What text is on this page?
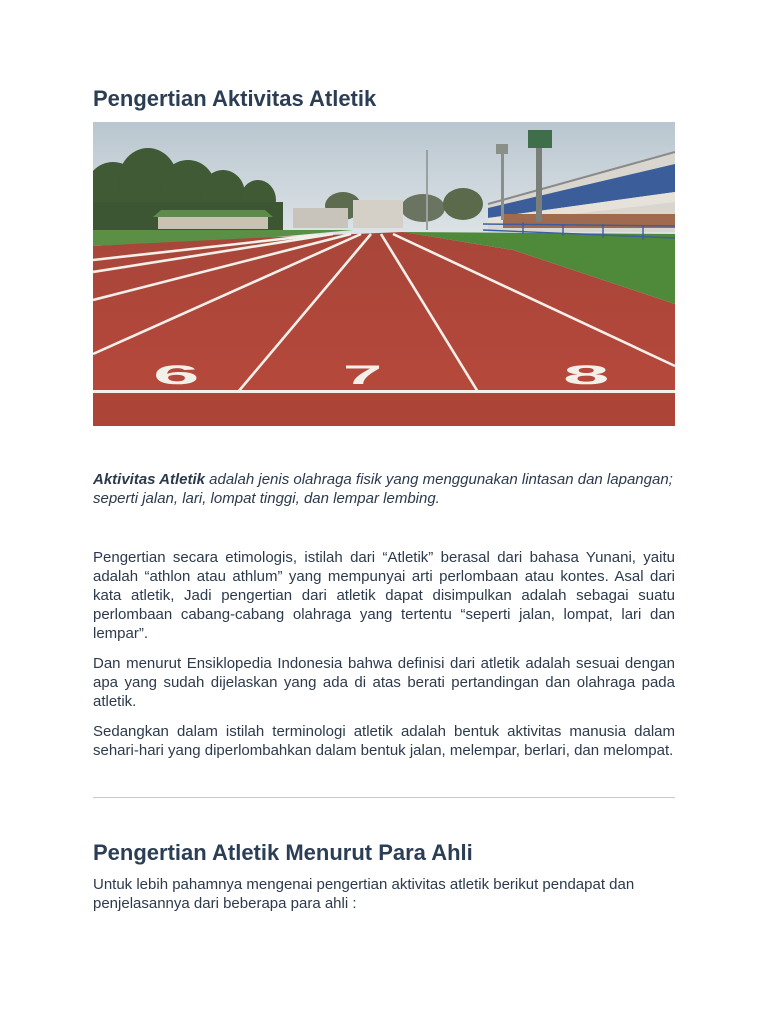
Pengertian Aktivitas Atletik
6	7	8

Aktivitas Atletik adalah jenis olahraga fisik yang menggunakan lintasan dan lapangan; seperti jalan, lari, lompat tinggi, dan lempar lembing.

Pengertian secara etimologis, istilah dari “Atletik” berasal dari bahasa Yunani, yaitu adalah “athlon atau athlum” yang mempunyai arti perlombaan atau kontes. Asal dari kata atletik, Jadi pengertian dari atletik dapat disimpulkan adalah sebagai suatu perlombaan cabang-cabang olahraga yang tertentu “seperti jalan, lompat, lari dan lempar”.

Dan menurut Ensiklopedia Indonesia bahwa definisi dari atletik adalah sesuai dengan apa yang sudah dijelaskan yang ada di atas berati pertandingan dan olahraga pada atletik.

Sedangkan dalam istilah terminologi atletik adalah bentuk aktivitas manusia dalam sehari-hari yang diperlombahkan dalam bentuk jalan, melempar, berlari, dan melompat.

Pengertian Atletik Menurut Para Ahli

Untuk lebih pahamnya mengenai pengertian aktivitas atletik berikut pendapat dan penjelasannya dari beberapa para ahli :
